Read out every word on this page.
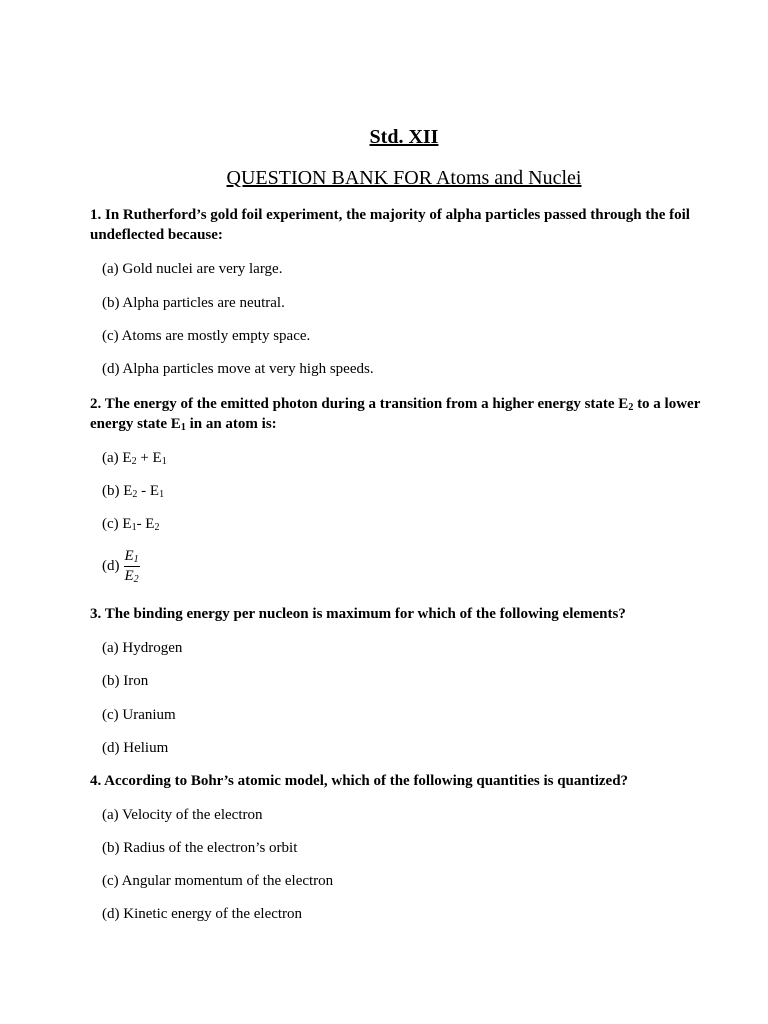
Std. XII
QUESTION BANK FOR Atoms and Nuclei

1. In Rutherford’s gold foil experiment, the majority of alpha particles passed through the foil undeflected because:

(a) Gold nuclei are very large.

(b) Alpha particles are neutral.

(c) Atoms are mostly empty space.

(d) Alpha particles move at very high speeds.

2. The energy of the emitted photon during a transition from a higher energy state $E_2$ to a lower energy state $E_1$ in an atom is:

(a) $E_2 + E_1$

(b) $E_2 - E_1$

(c) $E_1-$ $E_2$

$(d) \frac{E_1}{E_2}$

3. The binding energy per nucleon is maximum for which of the following elements?

(a) Hydrogen

(b) Iron

(c) Uranium

(d) Helium

4. According to Bohr’s atomic model, which of the following quantities is quantized?

(a) Velocity of the electron

(b) Radius of the electron’s orbit

(c) Angular momentum of the electron

(d) Kinetic energy of the electron
